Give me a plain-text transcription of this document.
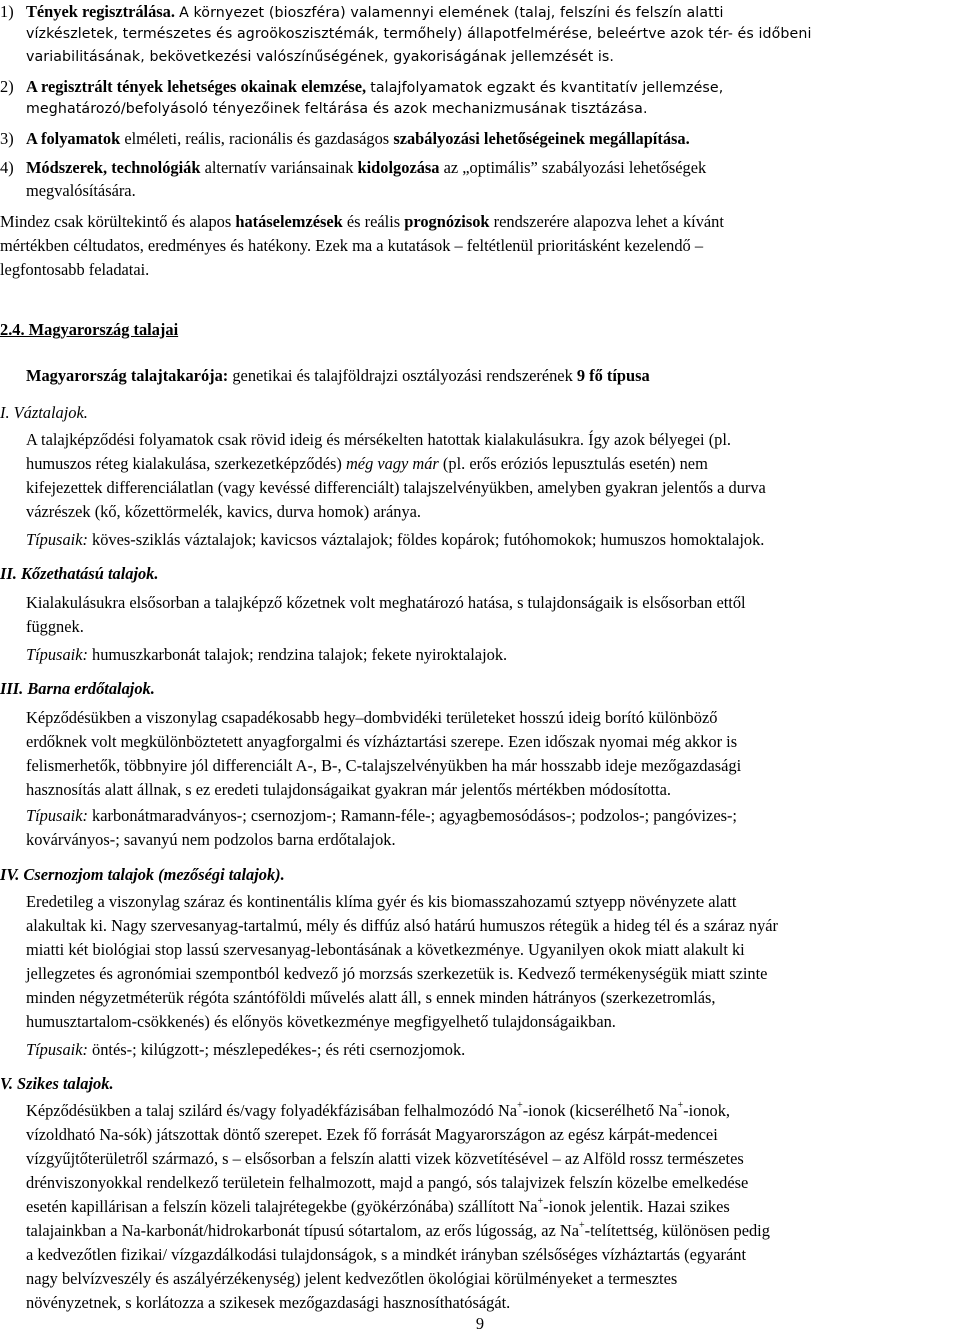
1) Tények regisztrálása. A környezet (bioszféra) valamennyi elemének (talaj, felszíni és felszín alatti

vízkészletek, természetes és agroökoszisztémák, termőhely) állapotfelmérése, beleértve azok tér- és időbeni
variabilitásának, bekövetkezési valószínűségének, gyakoriságának jellemzését is.

2) A regisztrált tények lehetséges okainak elemzése, talajfolyamatok egzakt és kvantitatív jellemzése,

meghatározó/befolyásoló tényezőinek feltárása és azok mechanizmusának tisztázása.

3) A folyamatok elméleti, reális, racionális és gazdaságos szabályozási lehetőségeinek megállapítása.

4) Módszerek, technológiák alternatív variánsainak kidolgozása az „optimális” szabályozási lehetőségek

megvalósítására.

Mindez csak körültekintő és alapos hatáselemzések és reális prognózisok rendszerére alapozva lehet a kívánt

mértékben céltudatos, eredményes és hatékony. Ezek ma a kutatások – feltétlenül prioritásként kezelendő –
legfontosabb feladatai.
2.4. Magyarország talajai
Magyarország talajtakarója: genetikai és talajföldrajzi osztályozási rendszerének 9 fő típusa
I. Váztalajok.
A talajképződési folyamatok csak rövid ideig és mérsékelten hatottak kialakulásukra. Így azok bélyegei (pl.
humuszos réteg kialakulása, szerkezetképződés) még vagy már (pl. erős eróziós lepusztulás esetén) nem
kifejezettek differenciálatlan (vagy kevéssé differenciált) talajszelvényükben, amelyben gyakran jelentős a durva
vázrészek (kő, kőzettörmelék, kavics, durva homok) aránya.
Típusaik: köves-sziklás váztalajok; kavicsos váztalajok; földes kopárok; futóhomokok; humuszos homoktalajok.
II. Kőzethatású talajok.
Kialakulásukra elsősorban a talajképző kőzetnek volt meghatározó hatása, s tulajdonságaik is elsősorban ettől
függnek.
Típusaik: humuszkarbonát talajok; rendzina talajok; fekete nyiroktalajok.
III. Barna erdőtalajok.
Képződésükben a viszonylag csapadékosabb hegy–dombvidéki területeket hosszú ideig borító különböző
erdőknek volt megkülönböztetett anyagforgalmi és vízháztartási szerepe. Ezen időszak nyomai még akkor is
felismerhetők, többnyire jól differenciált A-, B-, C-talajszelvényükben ha már hosszabb ideje mezőgazdasági
hasznosítás alatt állnak, s ez eredeti tulajdonságaikat gyakran már jelentős mértékben módosította.
Típusaik: karbonátmaradványos-; csernozjom-; Ramann-féle-; agyagbemosódásos-; podzolos-; pangóvizes-;
kovárványos-; savanyú nem podzolos barna erdőtalajok.
IV. Csernozjom talajok (mezőségi talajok).
Eredetileg a viszonylag száraz és kontinentális klíma gyér és kis biomasszahozamú sztyepp növényzete alatt
alakultak ki. Nagy szervesanyag-tartalmú, mély és diffúz alsó határú humuszos rétegük a hideg tél és a száraz nyár
miatti két biológiai stop lassú szervesanyag-lebontásának a következménye. Ugyanilyen okok miatt alakult ki
jellegzetes és agronómiai szempontból kedvező jó morzsás szerkezetük is. Kedvező termékenységük miatt szinte
minden négyzetméterük régóta szántóföldi művelés alatt áll, s ennek minden hátrányos (szerkezetromlás,
humusztartalom-csökkenés) és előnyös következménye megfigyelhető tulajdonságaikban.
Típusaik: öntés-; kilúgzott-; mészlepedékes-; és réti csernozjomok.
V. Szikes talajok.
Képződésükben a talaj szilárd és/vagy folyadékfázisában felhalmozódó Na+-ionok (kicserélhető Na+-ionok,
vízoldható Na-sók) játszottak döntő szerepet. Ezek fő forrását Magyarországon az egész kárpát-medencei
vízgyűjtőterületről származó, s – elsősorban a felszín alatti vizek közvetítésével – az Alföld rossz természetes
drénviszonyokkal rendelkező területein felhalmozott, majd a pangó, sós talajvizek felszín közelbe emelkedése
esetén kapillárisan a felszín közeli talajrétegekbe (gyökérzónába) szállított Na+-ionok jelentik. Hazai szikes
talajainkban a Na-karbonát/hidrokarbonát típusú sótartalom, az erős lúgosság, az Na+-telítettség, különösen pedig
a kedvezőtlen fizikai/ vízgazdálkodási tulajdonságok, s a mindkét irányban szélsőséges vízháztartás (egyaránt
nagy belvízveszély és aszályérzékenység) jelent kedvezőtlen ökológiai körülményeket a termesztes
növényzetnek, s korlátozza a szikesek mezőgazdasági hasznosíthatóságát.
9
